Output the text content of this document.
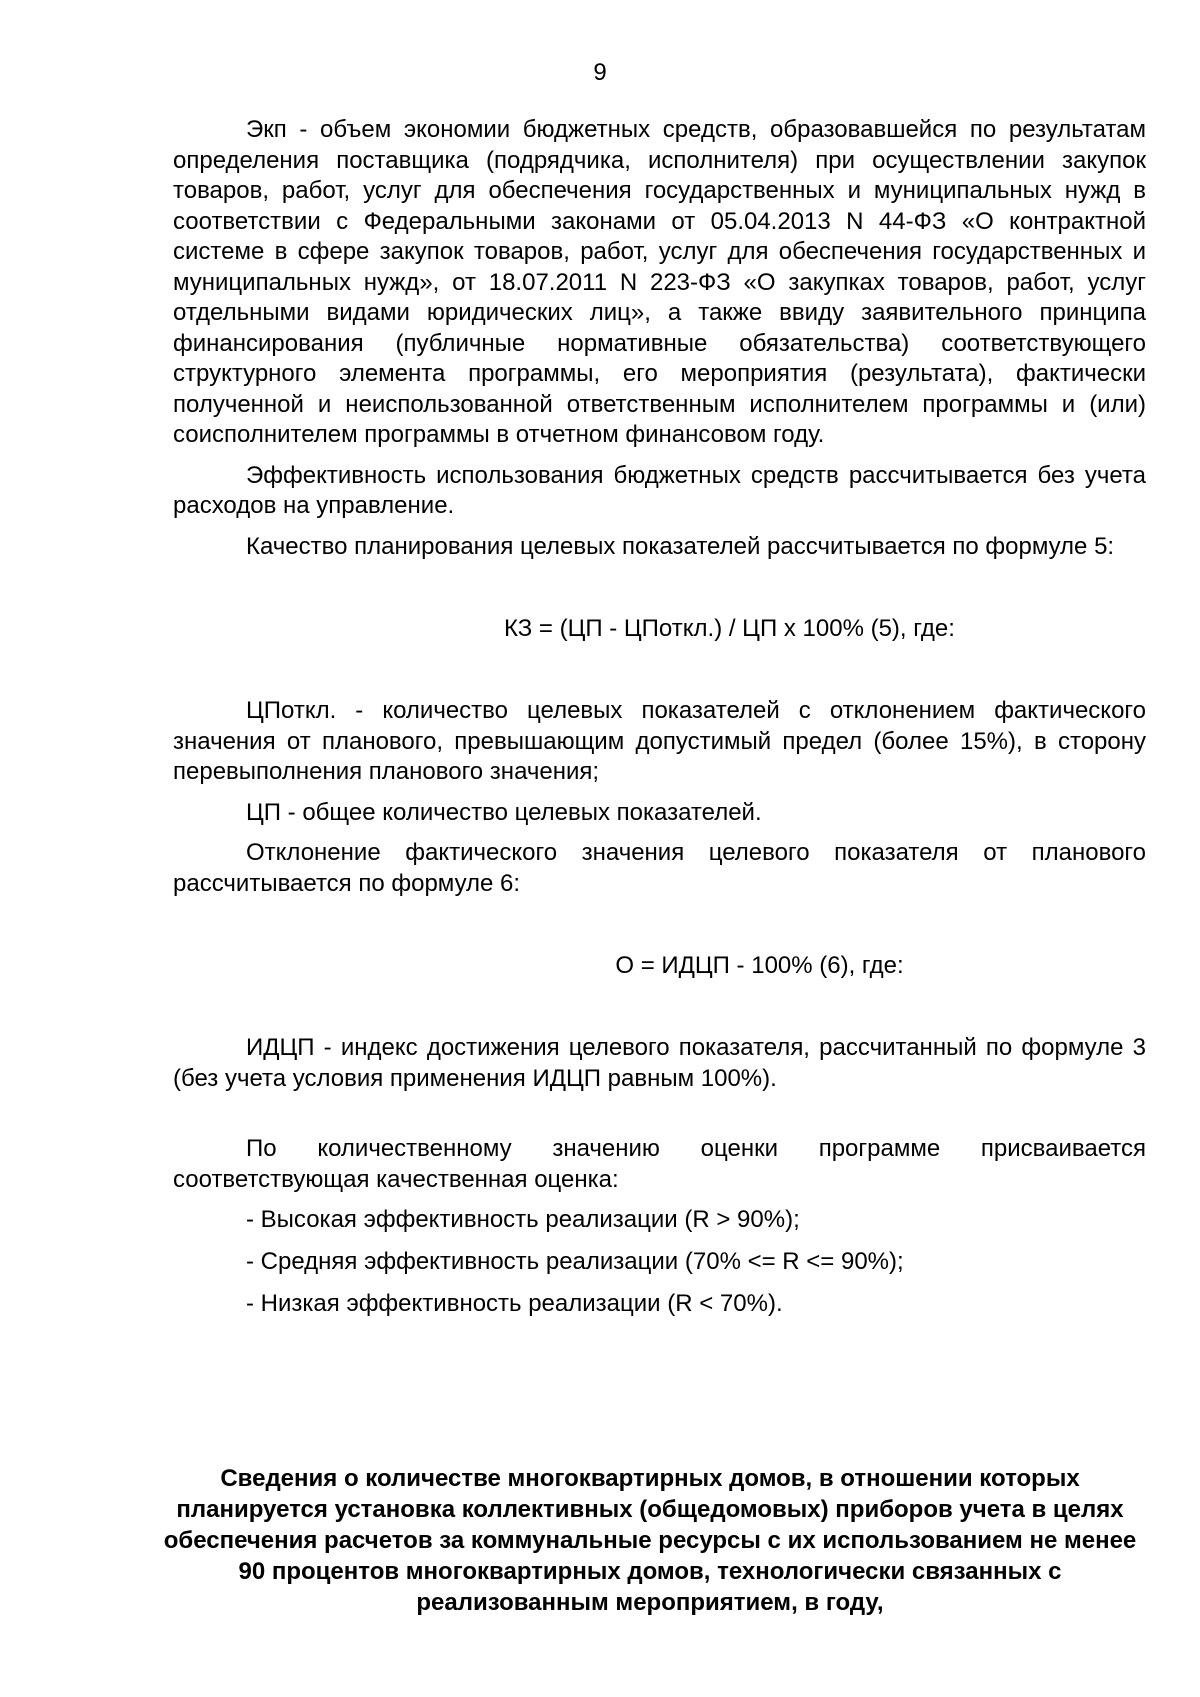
9

Экп - объем экономии бюджетных средств, образовавшейся по результатам определения поставщика (подрядчика, исполнителя) при осуществлении закупок товаров, работ, услуг для обеспечения государственных и муниципальных нужд в соответствии с Федеральными законами от 05.04.2013 N 44-ФЗ «О контрактной системе в сфере закупок товаров, работ, услуг для обеспечения государственных и муниципальных нужд», от 18.07.2011 N 223-ФЗ «О закупках товаров, работ, услуг отдельными видами юридических лиц», а также ввиду заявительного принципа финансирования (публичные нормативные обязательства) соответствующего структурного элемента программы, его мероприятия (результата), фактически полученной и неиспользованной ответственным исполнителем программы и (или) соисполнителем программы в отчетном финансовом году.

Эффективность использования бюджетных средств рассчитывается без учета расходов на управление.

Качество планирования целевых показателей рассчитывается по формуле 5:

КЗ = (ЦП - ЦПоткл.) / ЦП x 100% (5), где:

ЦПоткл. - количество целевых показателей с отклонением фактического значения от планового, превышающим допустимый предел (более 15%), в сторону перевыполнения планового значения;

ЦП - общее количество целевых показателей.

Отклонение фактического значения целевого показателя от планового рассчитывается по формуле 6:

О = ИДЦП - 100% (6), где:

ИДЦП - индекс достижения целевого показателя, рассчитанный по формуле 3 (без учета условия применения ИДЦП равным 100%).

По количественному значению оценки программе присваивается соответствующая качественная оценка:

- Высокая эффективность реализации (R > 90%);

- Средняя эффективность реализации (70% <= R <= 90%);

- Низкая эффективность реализации (R < 70%).

Сведения о количестве многоквартирных домов, в отношении которых планируется установка коллективных (общедомовых) приборов учета в целях обеспечения расчетов за коммунальные ресурсы с их использованием не менее 90 процентов многоквартирных домов, технологически связанных с реализованным мероприятием, в году,
